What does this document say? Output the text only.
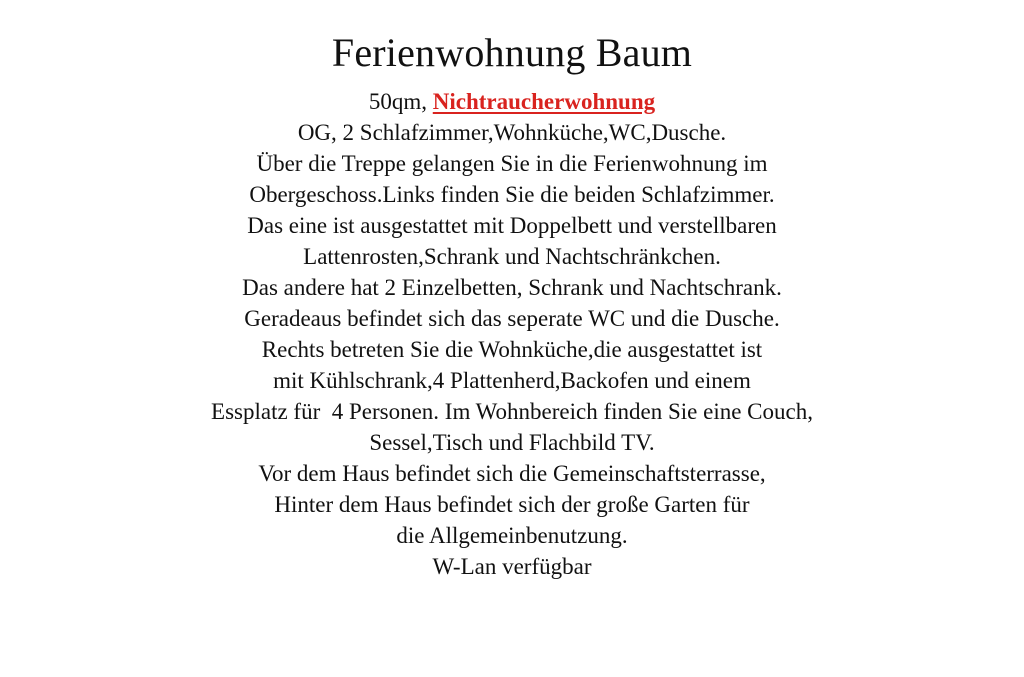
Ferienwohnung Baum
50qm, Nichtraucherwohnung
OG, 2 Schlafzimmer,Wohnküche,WC,Dusche.
Über die Treppe gelangen Sie in die Ferienwohnung im
Obergeschoss.Links finden Sie die beiden Schlafzimmer.
Das eine ist ausgestattet mit Doppelbett und verstellbaren
Lattenrosten,Schrank und Nachtschränkchen.
Das andere hat 2 Einzelbetten, Schrank und Nachtschrank.
Geradeaus befindet sich das seperate WC und die Dusche.
Rechts betreten Sie die Wohnküche,die ausgestattet ist
mit Kühlschrank,4 Plattenherd,Backofen und einem
Essplatz für  4 Personen. Im Wohnbereich finden Sie eine Couch,
Sessel,Tisch und Flachbild TV.
Vor dem Haus befindet sich die Gemeinschaftsterrasse,
Hinter dem Haus befindet sich der große Garten für
die Allgemeinbenutzung.
W-Lan verfügbar
